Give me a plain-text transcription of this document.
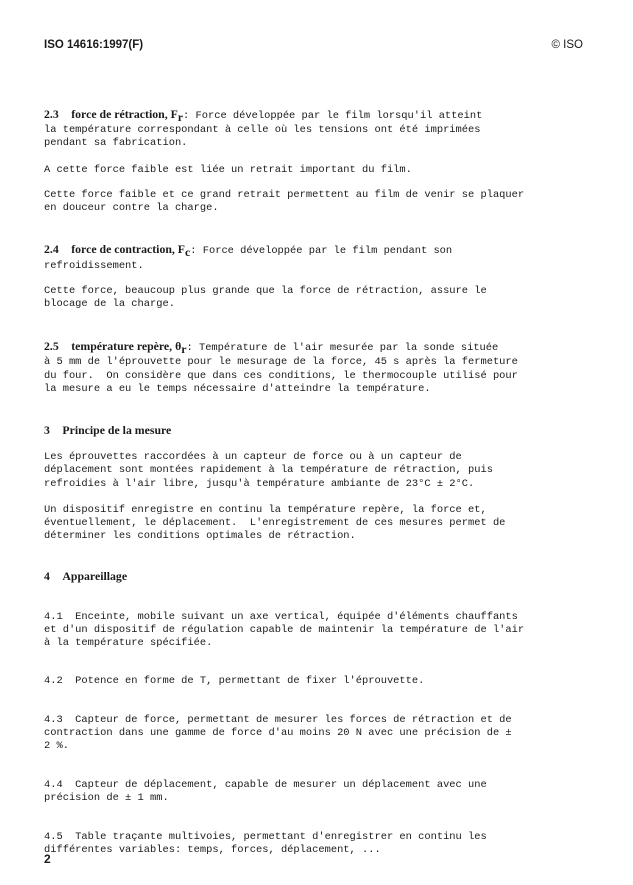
ISO 14616:1997(F)	© ISO

2.3 force de rétraction, $F_r$: Force développée par le film lorsqu'il atteint

la température correspondant à celle où les tensions ont été imprimées
pendant sa fabrication.

A cette force faible est liée un retrait important du film.

Cette force faible et ce grand retrait permettent au film de venir se plaquer
en douceur contre la charge.

2.4 force de contraction, $F_c$: Force développée par le film pendant son

refroidissement.

Cette force, beaucoup plus grande que la force de rétraction, assure le
blocage de la charge.

2.5 température repère, $\theta_r$: Température de l'air mesurée par la sonde située

à 5 mm de l'éprouvette pour le mesurage de la force, 45 s après la fermeture
du four.  On considère que dans ces conditions, le thermocouple utilisé pour
la mesure a eu le temps nécessaire d'atteindre la température.

3 Principe de la mesure

Les éprouvettes raccordées à un capteur de force ou à un capteur de
déplacement sont montées rapidement à la température de rétraction, puis
refroidies à l'air libre, jusqu'à température ambiante de 23°C ± 2°C.

Un dispositif enregistre en continu la température repère, la force et,
éventuellement, le déplacement.  L'enregistrement de ces mesures permet de
déterminer les conditions optimales de rétraction.

4 Appareillage

4.1  Enceinte, mobile suivant un axe vertical, équipée d'éléments chauffants
et d'un dispositif de régulation capable de maintenir la température de l'air
à la température spécifiée.

4.2  Potence en forme de T, permettant de fixer l'éprouvette.

4.3  Capteur de force, permettant de mesurer les forces de rétraction et de
contraction dans une gamme de force d'au moins 20 N avec une précision de ±
2 %.

4.4  Capteur de déplacement, capable de mesurer un déplacement avec une
précision de ± 1 mm.

4.5  Table traçante multivoies, permettant d'enregistrer en continu les
différentes variables: temps, forces, déplacement, ...

2
